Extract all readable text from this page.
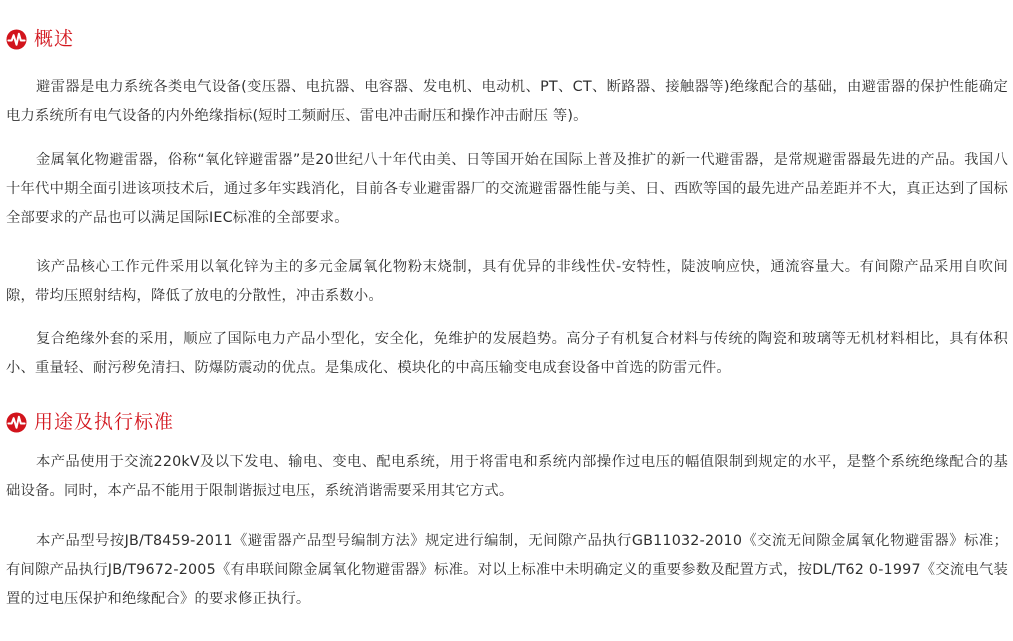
概述

避雷器是电力系统各类电气设备(变压器、电抗器、电容器、发电机、电动机、PT、CT、断路器、接触器等)绝缘配合的基础，由避雷器的保护性能确定电力系统所有电气设备的内外绝缘指标(短时工频耐压、雷电冲击耐压和操作冲击耐压 等)。

金属氧化物避雷器，俗称“氧化锌避雷器”是20世纪八十年代由美、日等国开始在国际上普及推扩的新一代避雷器，是常规避雷器最先进的产品。我国八十年代中期全面引进该项技术后，通过多年实践消化，目前各专业避雷器厂的交流避雷器性能与美、日、西欧等国的最先进产品差距并不大，真正达到了国标全部要求的产品也可以满足国际IEC标准的全部要求。

该产品核心工作元件采用以氧化锌为主的多元金属氧化物粉末烧制，具有优异的非线性伏-安特性，陡波响应快，通流容量大。有间隙产品采用自吹间隙，带均压照射结构，降低了放电的分散性，冲击系数小。

复合绝缘外套的采用，顺应了国际电力产品小型化，安全化，免维护的发展趋势。高分子有机复合材料与传统的陶瓷和玻璃等无机材料相比，具有体积小、重量轻、耐污秽免清扫、防爆防震动的优点。是集成化、模块化的中高压输变电成套设备中首选的防雷元件。

用途及执行标准

本产品使用于交流220kV及以下发电、输电、变电、配电系统，用于将雷电和系统内部操作过电压的幅值限制到规定的水平，是整个系统绝缘配合的基础设备。同时，本产品不能用于限制谐振过电压，系统消谐需要采用其它方式。

本产品型号按JB/T8459-2011《避雷器产品型号编制方法》规定进行编制，无间隙产品执行GB11032-2010《交流无间隙金属氧化物避雷器》标准；有间隙产品执行JB/T9672-2005《有串联间隙金属氧化物避雷器》标准。对以上标准中未明确定义的重要参数及配置方式，按DL/T62 0-1997《交流电气装置的过电压保护和绝缘配合》的要求修正执行。
